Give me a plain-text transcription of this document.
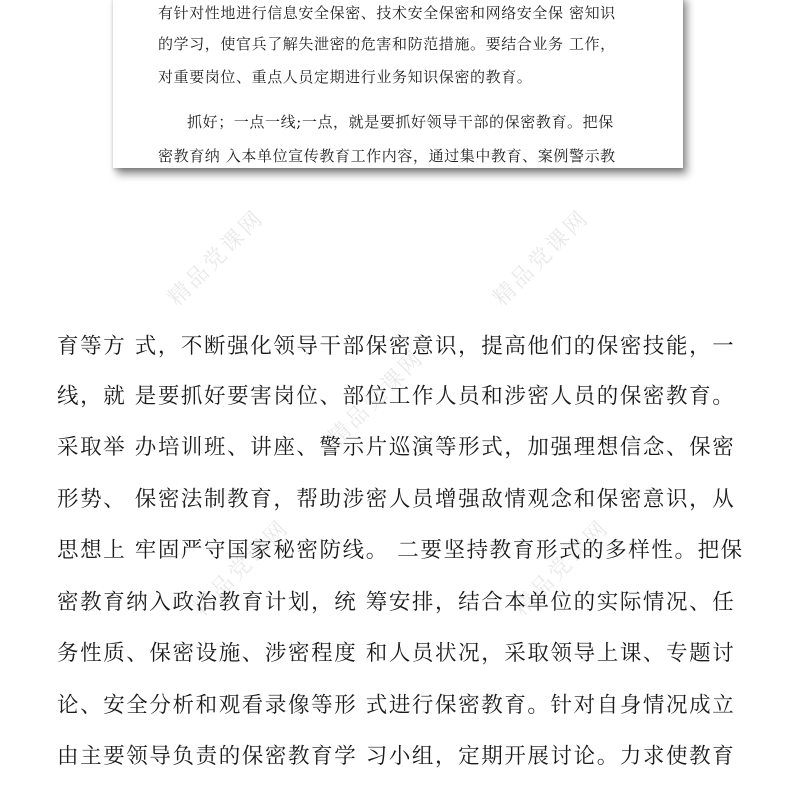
精品党课网	精品党课网
精品党课网
精品党课网	精品党课网
有针对性地进行信息安全保密、技术安全保密和网络安全保 密知识
的学习，使官兵了解失泄密的危害和防范措施。要结合业务 工作，
对重要岗位、重点人员定期进行业务知识保密的教育。
抓好；一点一线;一点，就是要抓好领导干部的保密教育。把保
密教育纳 入本单位宣传教育工作内容，通过集中教育、案例警示教
育等方 式，不断强化领导干部保密意识，提高他们的保密技能，一
线，就 是要抓好要害岗位、部位工作人员和涉密人员的保密教育。
采取举 办培训班、讲座、警示片巡演等形式，加强理想信念、保密
形势、 保密法制教育，帮助涉密人员增强敌情观念和保密意识，从
思想上 牢固严守国家秘密防线。 二要坚持教育形式的多样性。把保
密教育纳入政治教育计划，统 筹安排，结合本单位的实际情况、任
务性质、保密设施、涉密程度 和人员状况，采取领导上课、专题讨
论、安全分析和观看录像等形 式进行保密教育。针对自身情况成立
由主要领导负责的保密教育学 习小组，定期开展讨论。力求使教育
